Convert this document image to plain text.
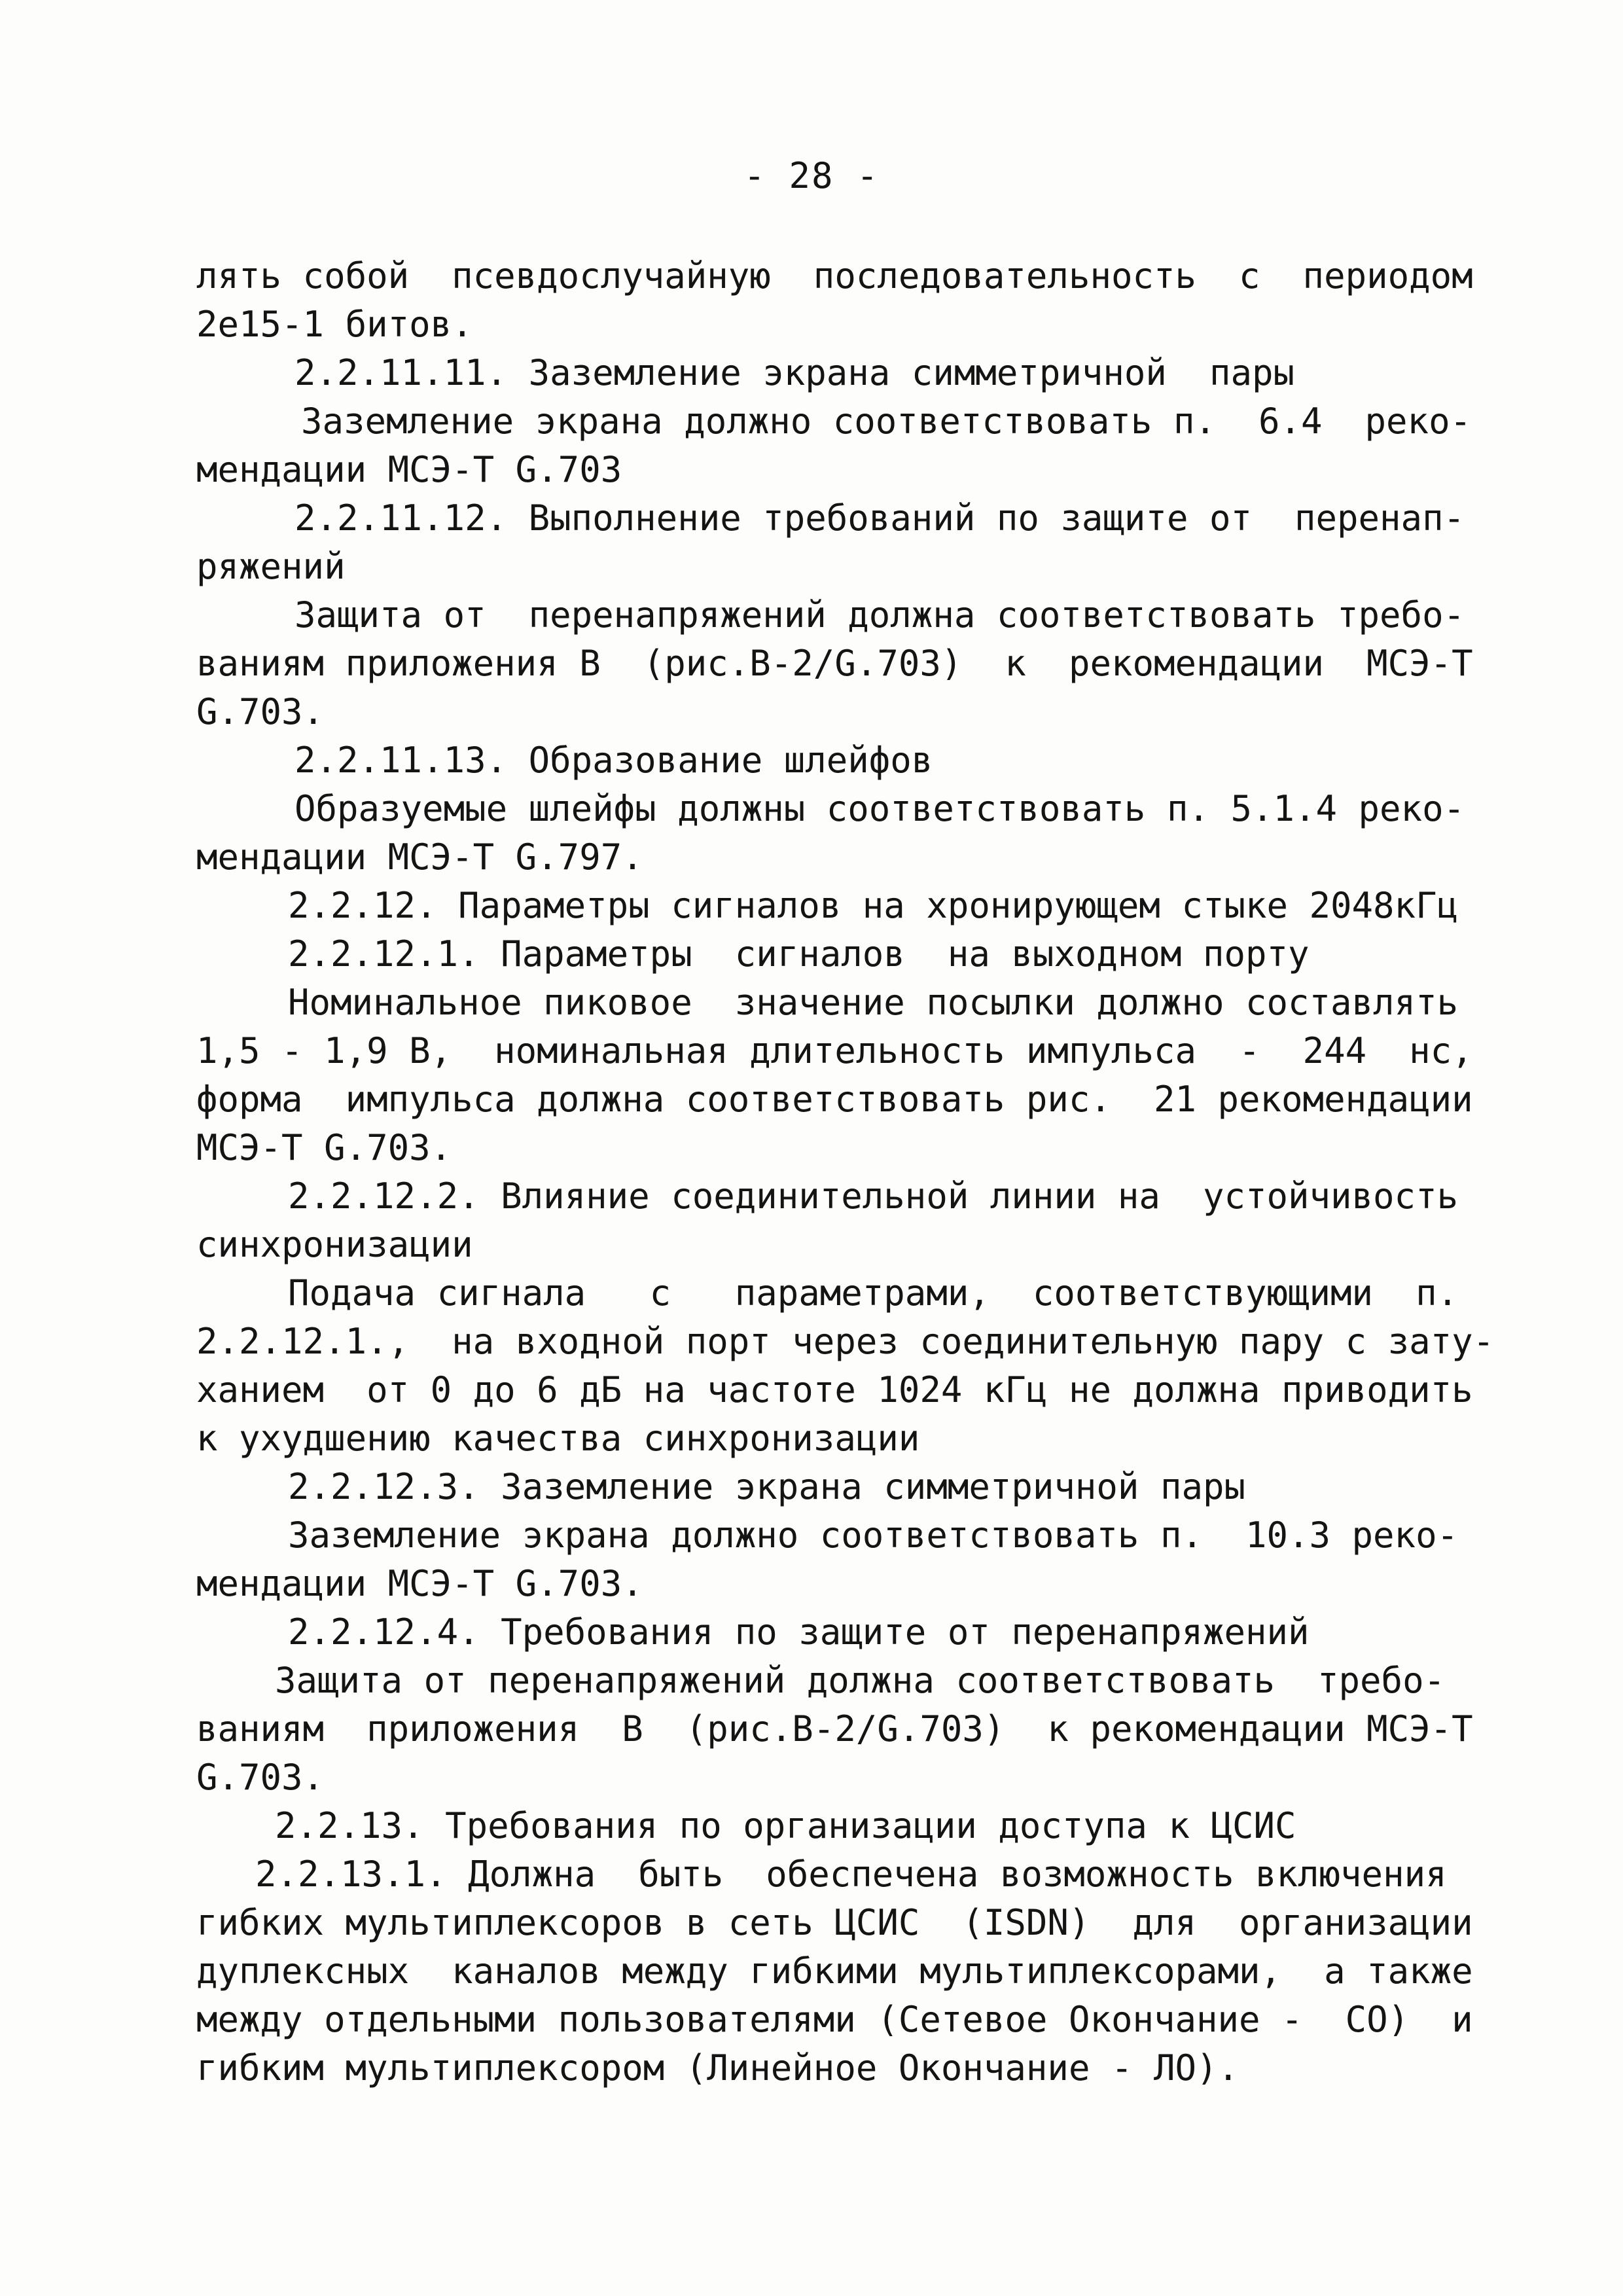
- 28 -
лять собой  псевдослучайную  последовательность  с  периодом
2е15-1 битов.
2.2.11.11. Заземление экрана симметричной  пары
Заземление экрана должно соответствовать п.  6.4  реко-
мендации МСЭ-Т G.703
2.2.11.12. Выполнение требований по защите от  перенап-
ряжений
Защита от  перенапряжений должна соответствовать требо-
ваниям приложения В  (рис.В-2/G.703)  к  рекомендации  МСЭ-Т
G.703.
2.2.11.13. Образование шлейфов
Образуемые шлейфы должны соответствовать п. 5.1.4 реко-
мендации МСЭ-Т G.797.
2.2.12. Параметры сигналов на хронирующем стыке 2048кГц
2.2.12.1. Параметры  сигналов  на выходном порту
Номинальное пиковое  значение посылки должно составлять
1,5 - 1,9 В,  номинальная длительность импульса  -  244  нс,
форма  импульса должна соответствовать рис.  21 рекомендации
МСЭ-Т G.703.
2.2.12.2. Влияние соединительной линии на  устойчивость
синхронизации
Подача сигнала   с   параметрами,  соответствующими  п.
2.2.12.1.,  на входной порт через соединительную пару с зату-
ханием  от 0 до 6 дБ на частоте 1024 кГц не должна приводить
к ухудшению качества синхронизации
2.2.12.3. Заземление экрана симметричной пары
Заземление экрана должно соответствовать п.  10.3 реко-
мендации МСЭ-Т G.703.
2.2.12.4. Требования по защите от перенапряжений
Защита от перенапряжений должна соответствовать  требо-
ваниям  приложения  В  (рис.В-2/G.703)  к рекомендации МСЭ-Т
G.703.
2.2.13. Требования по организации доступа к ЦСИС
2.2.13.1. Должна  быть  обеспечена возможность включения
гибких мультиплексоров в сеть ЦСИС  (ISDN)  для  организации
дуплексных  каналов между гибкими мультиплексорами,  а также
между отдельными пользователями (Сетевое Окончание -  СО)  и
гибким мультиплексором (Линейное Окончание - ЛО).
